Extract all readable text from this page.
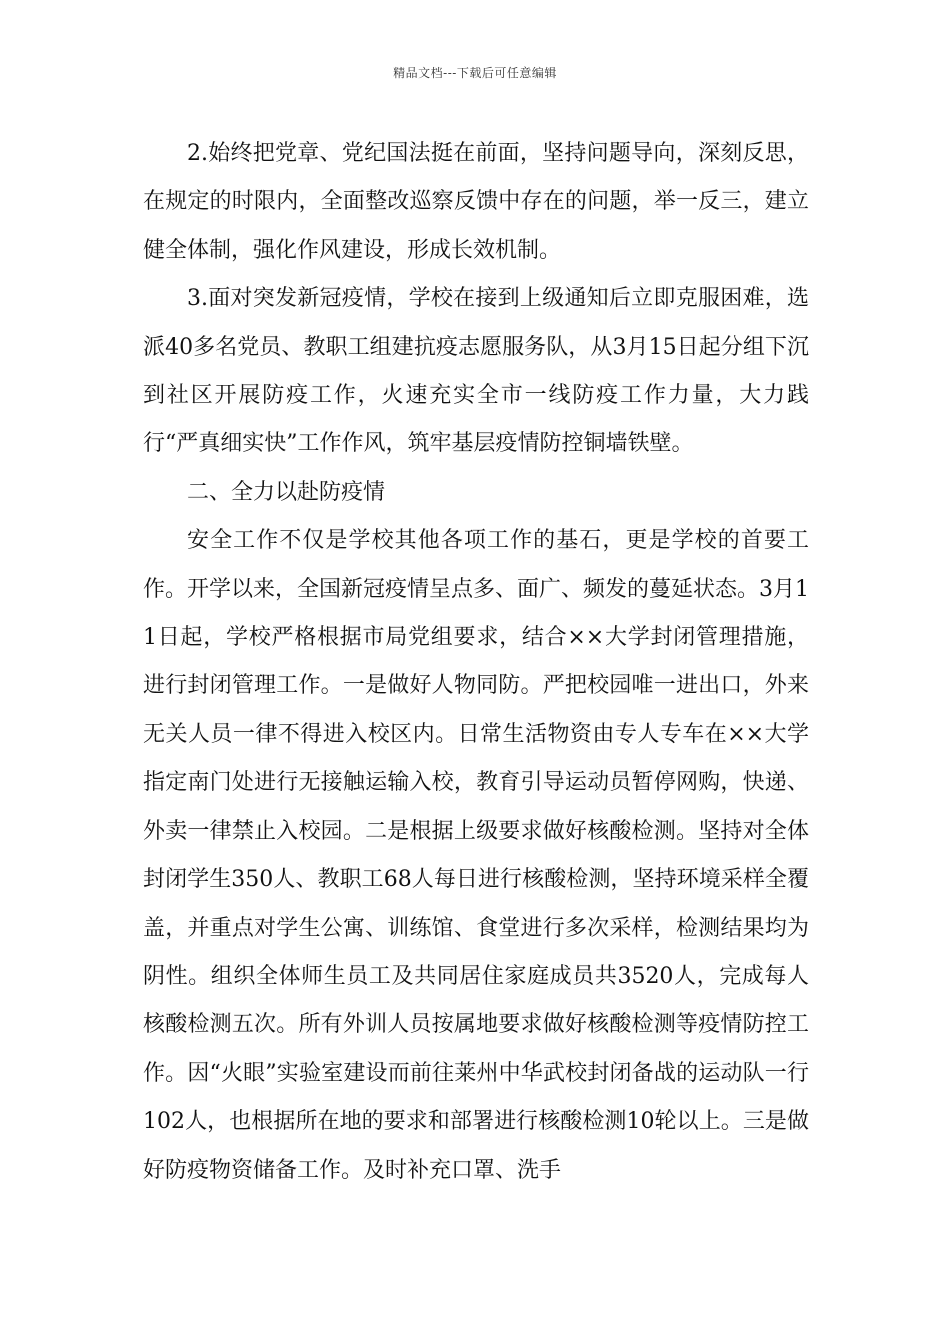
精品文档---下载后可任意编辑

2.始终把党章、党纪国法挺在前面，坚持问题导向，深刻反思，在规定的时限内，全面整改巡察反馈中存在的问题，举一反三，建立健全体制，强化作风建设，形成长效机制。

3.面对突发新冠疫情，学校在接到上级通知后立即克服困难，选派40多名党员、教职工组建抗疫志愿服务队，从3月15日起分组下沉到社区开展防疫工作，火速充实全市一线防疫工作力量，大力践行“严真细实快”工作作风，筑牢基层疫情防控铜墙铁壁。

二、全力以赴防疫情

安全工作不仅是学校其他各项工作的基石，更是学校的首要工作。开学以来，全国新冠疫情呈点多、面广、频发的蔓延状态。3月11日起，学校严格根据市局党组要求，结合××大学封闭管理措施，进行封闭管理工作。一是做好人物同防。严把校园唯一进出口，外来无关人员一律不得进入校区内。日常生活物资由专人专车在××大学指定南门处进行无接触运输入校，教育引导运动员暂停网购，快递、外卖一律禁止入校园。二是根据上级要求做好核酸检测。坚持对全体封闭学生350人、教职工68人每日进行核酸检测，坚持环境采样全覆盖，并重点对学生公寓、训练馆、食堂进行多次采样，检测结果均为阴性。组织全体师生员工及共同居住家庭成员共3520人，完成每人核酸检测五次。所有外训人员按属地要求做好核酸检测等疫情防控工作。因“火眼”实验室建设而前往莱州中华武校封闭备战的运动队一行102人，也根据所在地的要求和部署进行核酸检测10轮以上。三是做好防疫物资储备工作。及时补充口罩、洗手
